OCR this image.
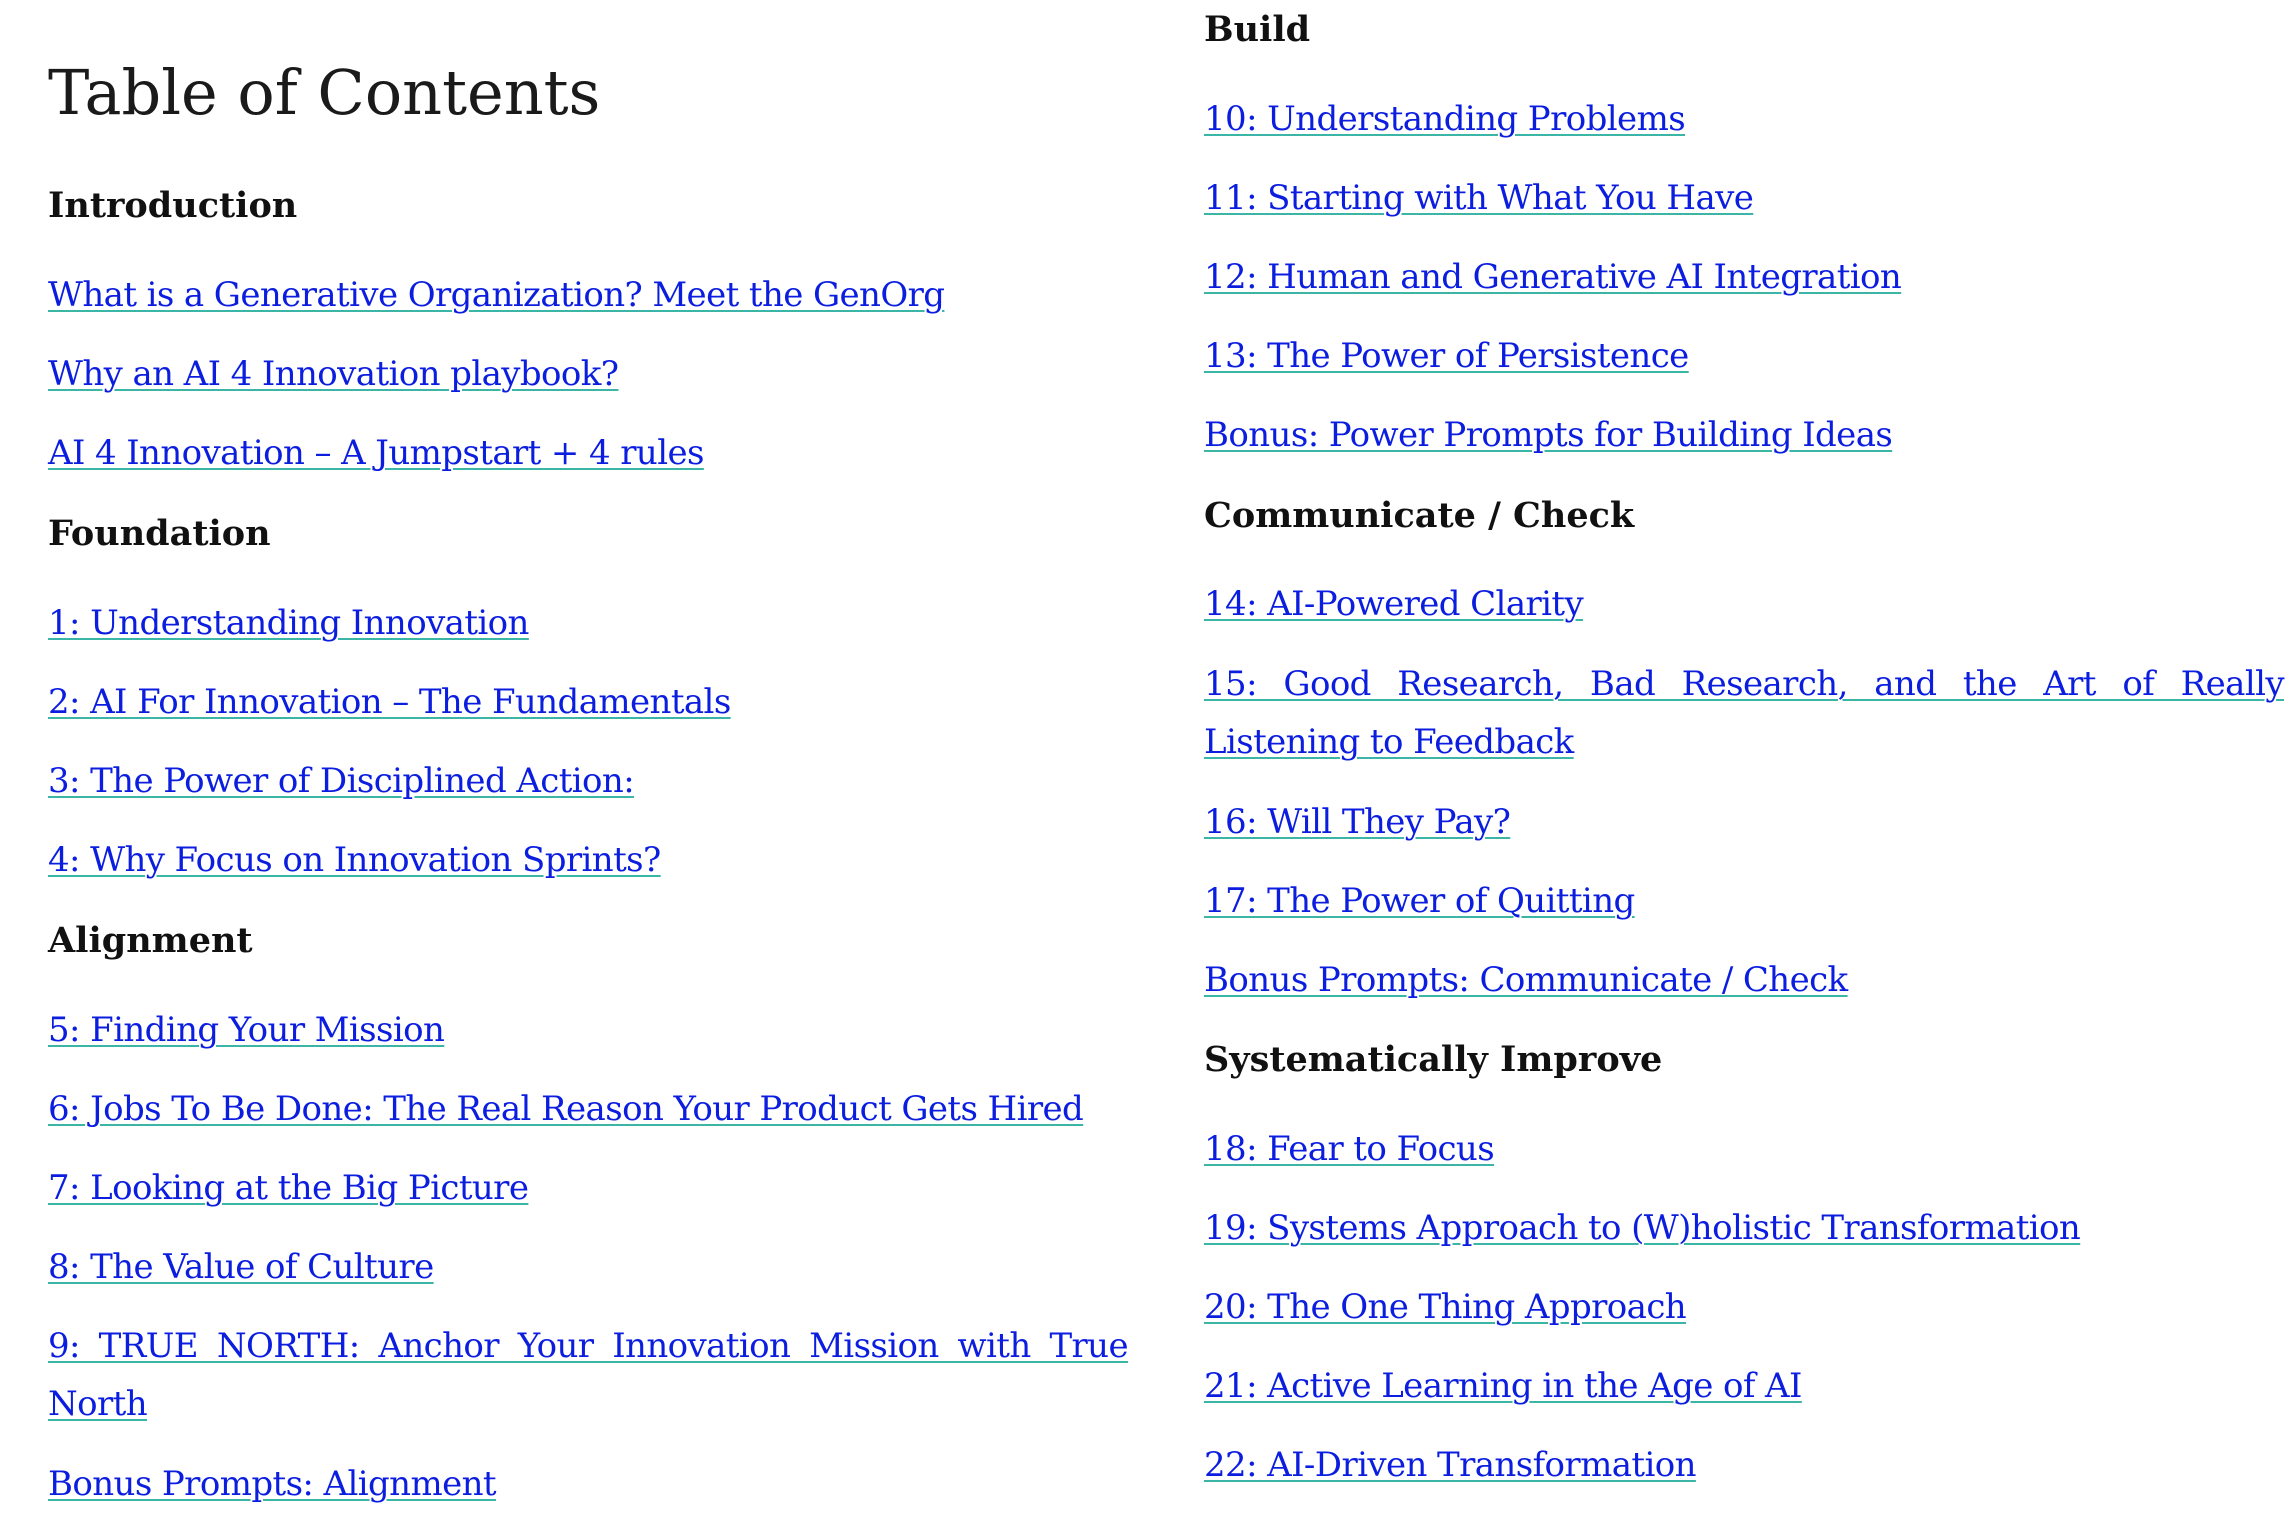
Table of Contents
Introduction
What is a Generative Organization? Meet the GenOrg
Why an AI 4 Innovation playbook?
AI 4 Innovation – A Jumpstart + 4 rules
Foundation
1: Understanding Innovation
2: AI For Innovation – The Fundamentals
3: The Power of Disciplined Action:
4: Why Focus on Innovation Sprints?
Alignment
5: Finding Your Mission
6: Jobs To Be Done: The Real Reason Your Product Gets Hired
7: Looking at the Big Picture
8: The Value of Culture
9: TRUE NORTH: Anchor Your Innovation Mission with True North
Bonus Prompts: Alignment
Build
10: Understanding Problems
11: Starting with What You Have
12: Human and Generative AI Integration
13: The Power of Persistence
Bonus: Power Prompts for Building Ideas
Communicate / Check
14: AI-Powered Clarity
15: Good Research, Bad Research, and the Art of Really Listening to Feedback
16: Will They Pay?
17: The Power of Quitting
Bonus Prompts: Communicate / Check
Systematically Improve
18: Fear to Focus
19: Systems Approach to (W)holistic Transformation
20: The One Thing Approach
21: Active Learning in the Age of AI
22: AI-Driven Transformation
